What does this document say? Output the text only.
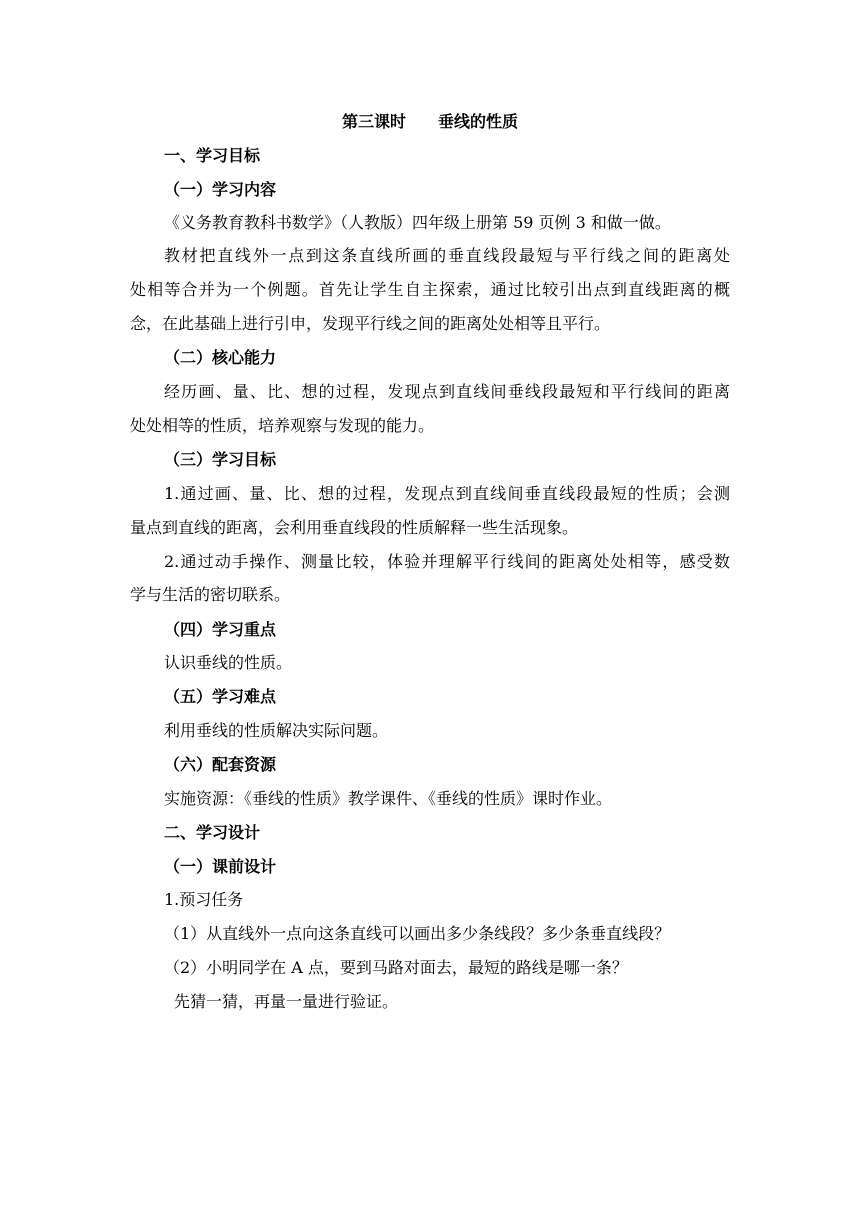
第三课时　　垂线的性质

一、学习目标

（一）学习内容

《义务教育教科书数学》（人教版）四年级上册第 59 页例 3 和做一做。

教材把直线外一点到这条直线所画的垂直线段最短与平行线之间的距离处

处相等合并为一个例题。首先让学生自主探索，通过比较引出点到直线距离的概

念，在此基础上进行引申，发现平行线之间的距离处处相等且平行。

（二）核心能力

经历画、量、比、想的过程，发现点到直线间垂线段最短和平行线间的距离

处处相等的性质，培养观察与发现的能力。

（三）学习目标

1.通过画、量、比、想的过程，发现点到直线间垂直线段最短的性质；会测

量点到直线的距离，会利用垂直线段的性质解释一些生活现象。

2.通过动手操作、测量比较，体验并理解平行线间的距离处处相等，感受数

学与生活的密切联系。

（四）学习重点

认识垂线的性质。

（五）学习难点

利用垂线的性质解决实际问题。

（六）配套资源

实施资源：《垂线的性质》教学课件、《垂线的性质》课时作业。

二、学习设计

（一）课前设计

1.预习任务

（1）从直线外一点向这条直线可以画出多少条线段？多少条垂直线段？

（2）小明同学在 A 点，要到马路对面去，最短的路线是哪一条？

先猜一猜，再量一量进行验证。
